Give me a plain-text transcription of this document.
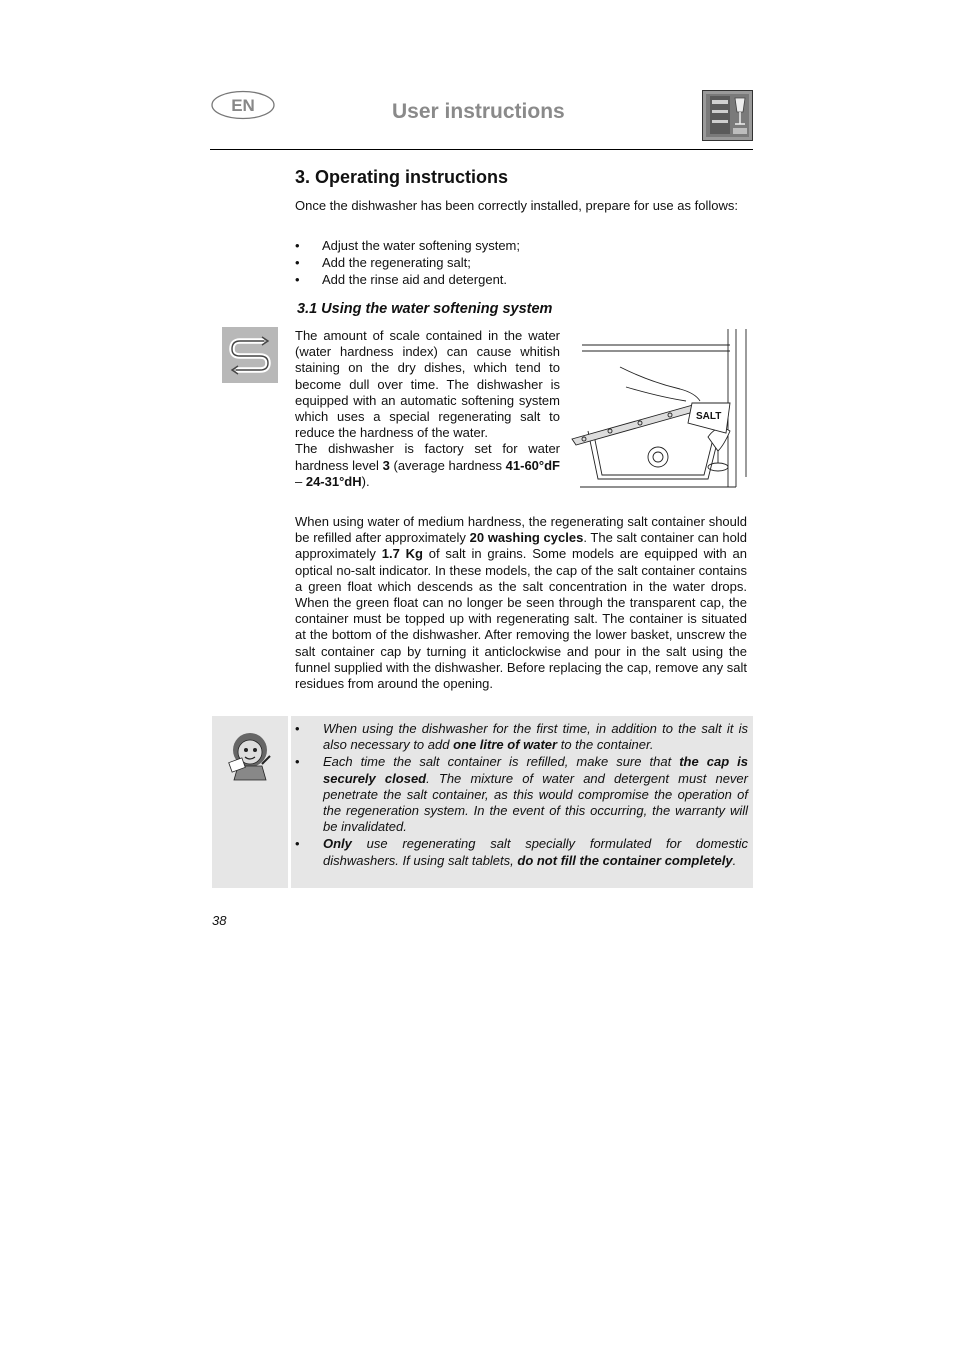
EN	User instructions
3. Operating instructions
Once the dishwasher has been correctly installed, prepare for use as follows:
• Adjust the water softening system;
• Add the regenerating salt;
• Add the rinse aid and detergent.
3.1 Using the water softening system
The amount of scale contained in the water (water hardness index) can cause whitish staining on the dry dishes, which tend to become dull over time. The dishwasher is equipped with an automatic softening system which uses a special regenerating salt to reduce the hardness of the water.
The dishwasher is factory set for water hardness level 3 (average hardness 41-60°dF – 24-31°dH).
SALT
When using water of medium hardness, the regenerating salt container should be refilled after approximately 20 washing cycles. The salt container can hold approximately 1.7 Kg of salt in grains. Some models are equipped with an optical no-salt indicator. In these models, the cap of the salt container contains a green float which descends as the salt concentration in the water drops. When the green float can no longer be seen through the transparent cap, the container must be topped up with regenerating salt. The container is situated at the bottom of the dishwasher. After removing the lower basket, unscrew the salt container cap by turning it anticlockwise and pour in the salt using the funnel supplied with the dishwasher. Before replacing the cap, remove any salt residues from around the opening.
• When using the dishwasher for the first time, in addition to the salt it is also necessary to add one litre of water to the container.
• Each time the salt container is refilled, make sure that the cap is securely closed. The mixture of water and detergent must never penetrate the salt container, as this would compromise the operation of the regeneration system. In the event of this occurring, the warranty will be invalidated.
• Only use regenerating salt specially formulated for domestic dishwashers. If using salt tablets, do not fill the container completely.
38
